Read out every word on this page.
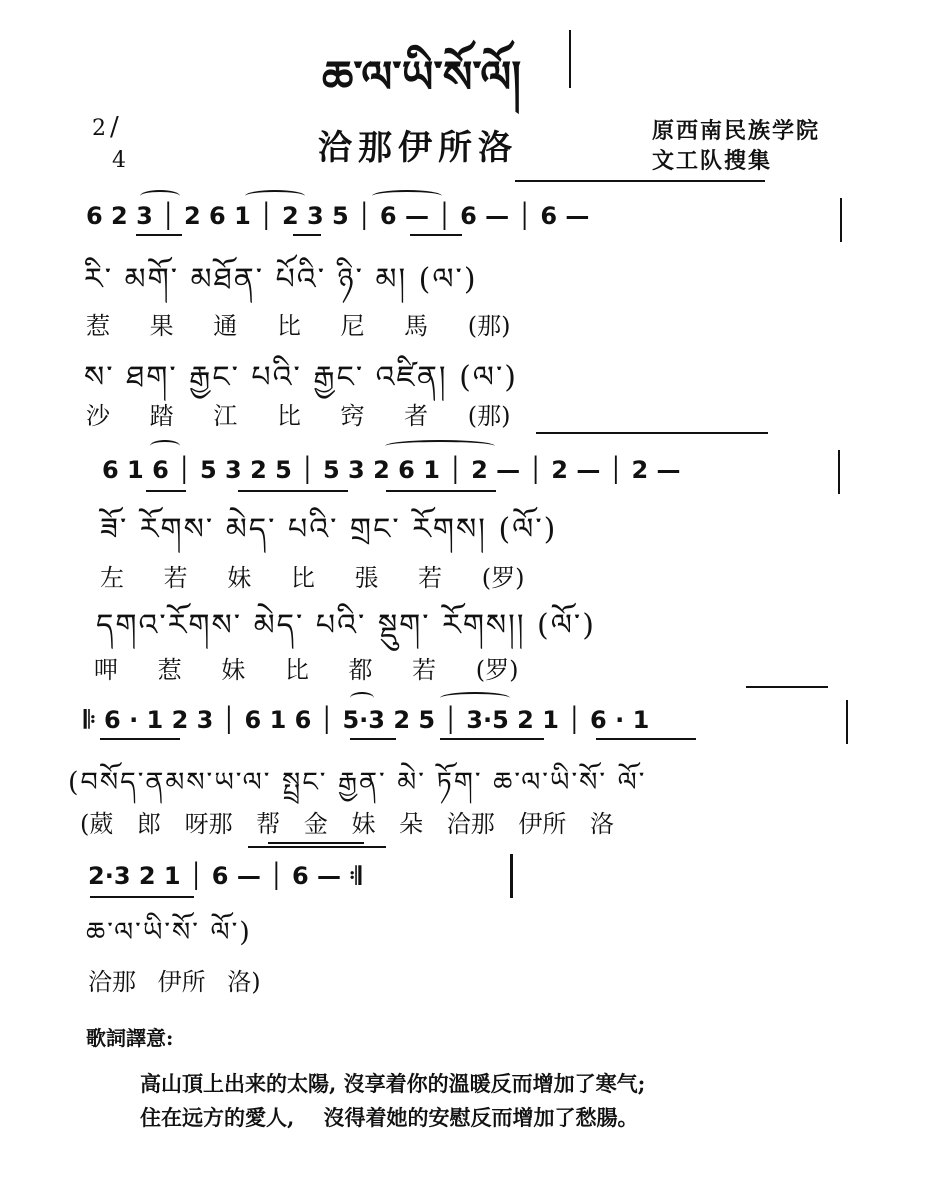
ཆ་ལ་ཡི་སོ་ལོ།
2 /
4	洽那伊所洛	原西南民族学院
文工队搜集
6 2 3 │ 2 6 1 │ 2 3 5 │ 6 — │ 6 — │ 6 —
རི་ མགོ་ མཐོན་ པོའི་ ཉི་ མ། (ལ་)
惹 果 通 比 尼 馬 (那)
ས་ ཐག་ རྒྱང་ པའི་ རྒྱང་ འཛིན། (ལ་)
沙 踏 江 比 窍 者 (那)
6 1 6 │ 5 3 2 5 │ 5 3 2 6 1 │ 2 — │ 2 — │ 2 —
ཟོ་ རོགས་ མེད་ པའི་ གྲང་ རོགས། (ལོ་)
左 若 妹 比 張 若 (罗)
དགའ་རོགས་ མེད་ པའི་ སྡུག་ རོགས།། (ལོ་)
呷 惹 妹 比 都 若 (罗)
𝄆 6 · 1 2 3 │ 6 1 6 │ 5·3 2 5 │ 3·5 2 1 │ 6 · 1
(བསོད་ནམས་ཡ་ལ་ སྤྲང་ རྒྱན་ མེ་ ཏོག་ ཆ་ལ་ཡི་སོ་ ལོ་
(葳 郎 呀那 帮 金 妹 朵 洽那 伊所 洛
2·3 2 1 │ 6 — │ 6 — 𝄇
ཆ་ལ་ཡི་སོ་ ལོ་)
洽那 伊所 洛)
歌詞譯意:
高山頂上出来的太陽, 沒享着你的溫暖反而增加了寒气;
住在远方的愛人,    沒得着她的安慰反而增加了愁腸。
